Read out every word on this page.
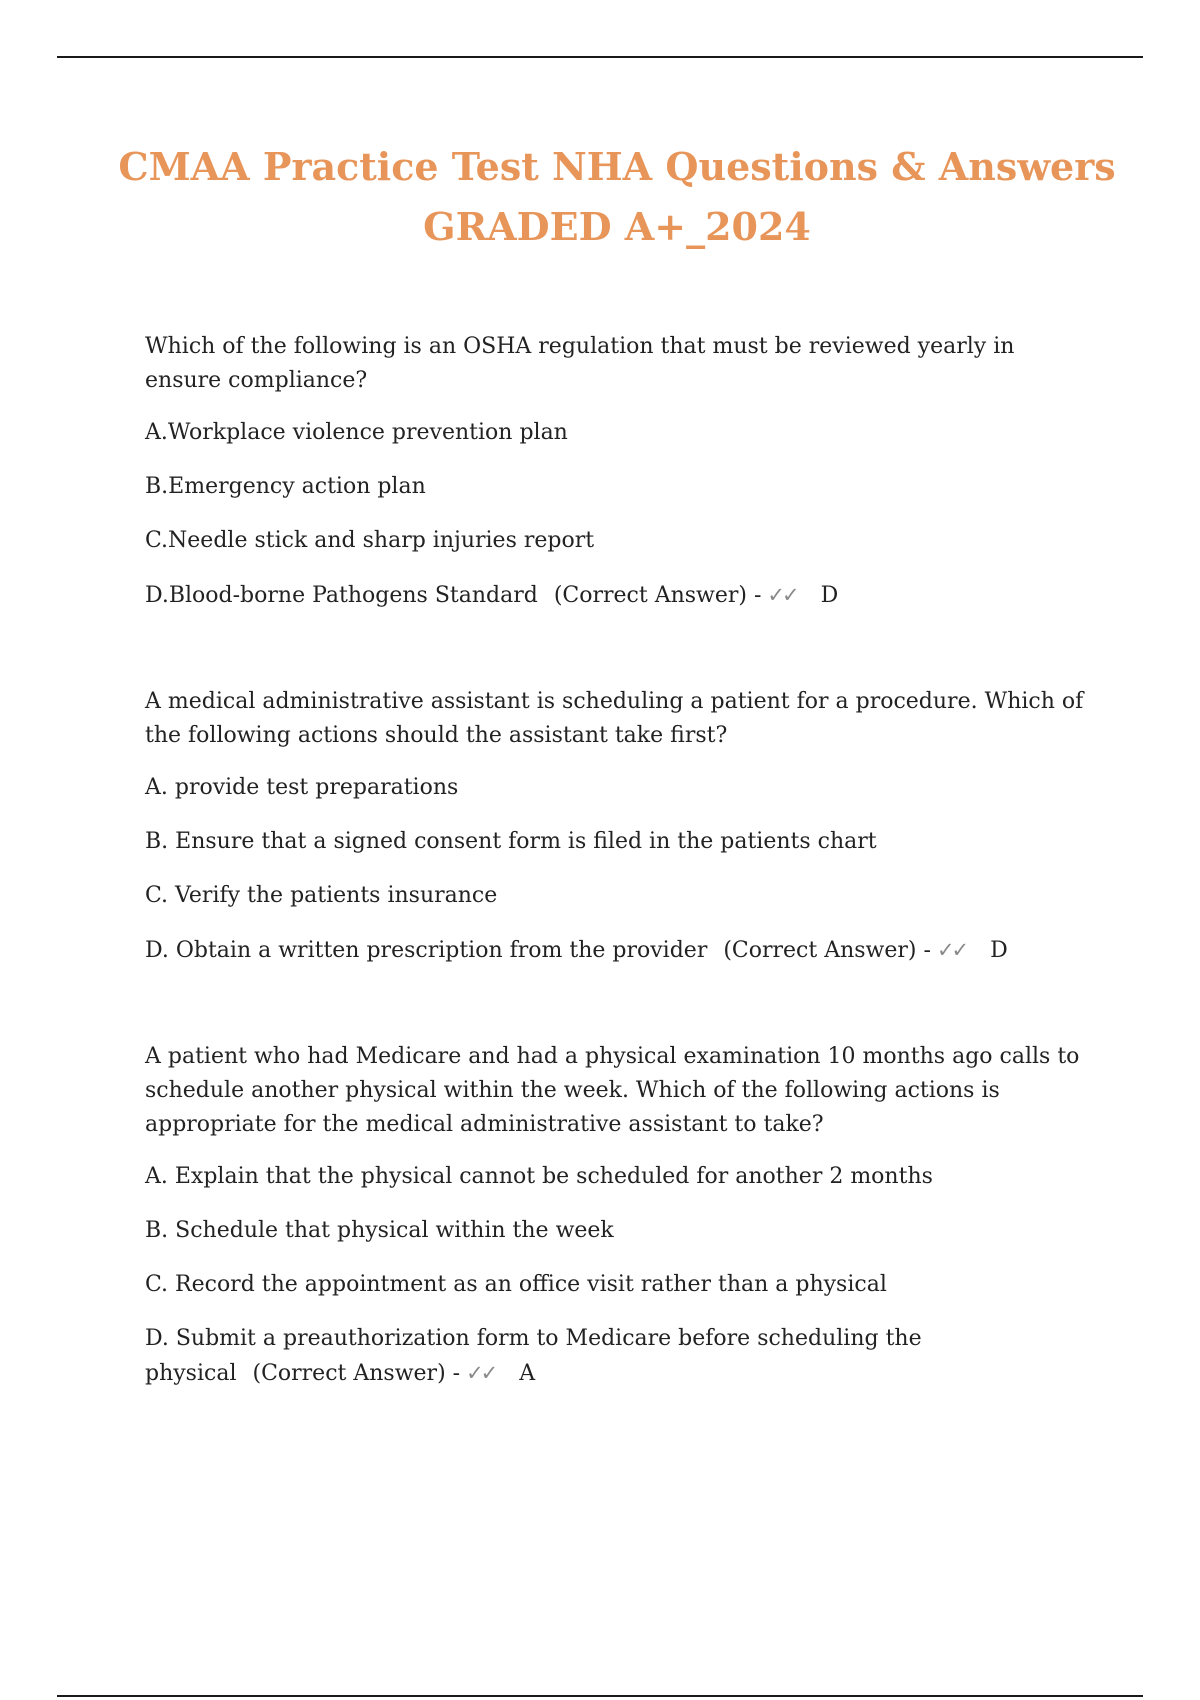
CMAA Practice Test NHA Questions & Answers
GRADED A+_2024

Which of the following is an OSHA regulation that must be reviewed yearly in ensure compliance?

A.Workplace violence prevention plan

B.Emergency action plan

C.Needle stick and sharp injuries report

D.Blood-borne Pathogens Standard (Correct Answer) - ✓✓ D

A medical administrative assistant is scheduling a patient for a procedure. Which of the following actions should the assistant take first?

A. provide test preparations

B. Ensure that a signed consent form is filed in the patients chart

C. Verify the patients insurance

D. Obtain a written prescription from the provider (Correct Answer) - ✓✓ D

A patient who had Medicare and had a physical examination 10 months ago calls to schedule another physical within the week. Which of the following actions is appropriate for the medical administrative assistant to take?

A. Explain that the physical cannot be scheduled for another 2 months

B. Schedule that physical within the week

C. Record the appointment as an office visit rather than a physical

D. Submit a preauthorization form to Medicare before scheduling the physical (Correct Answer) - ✓✓ A
